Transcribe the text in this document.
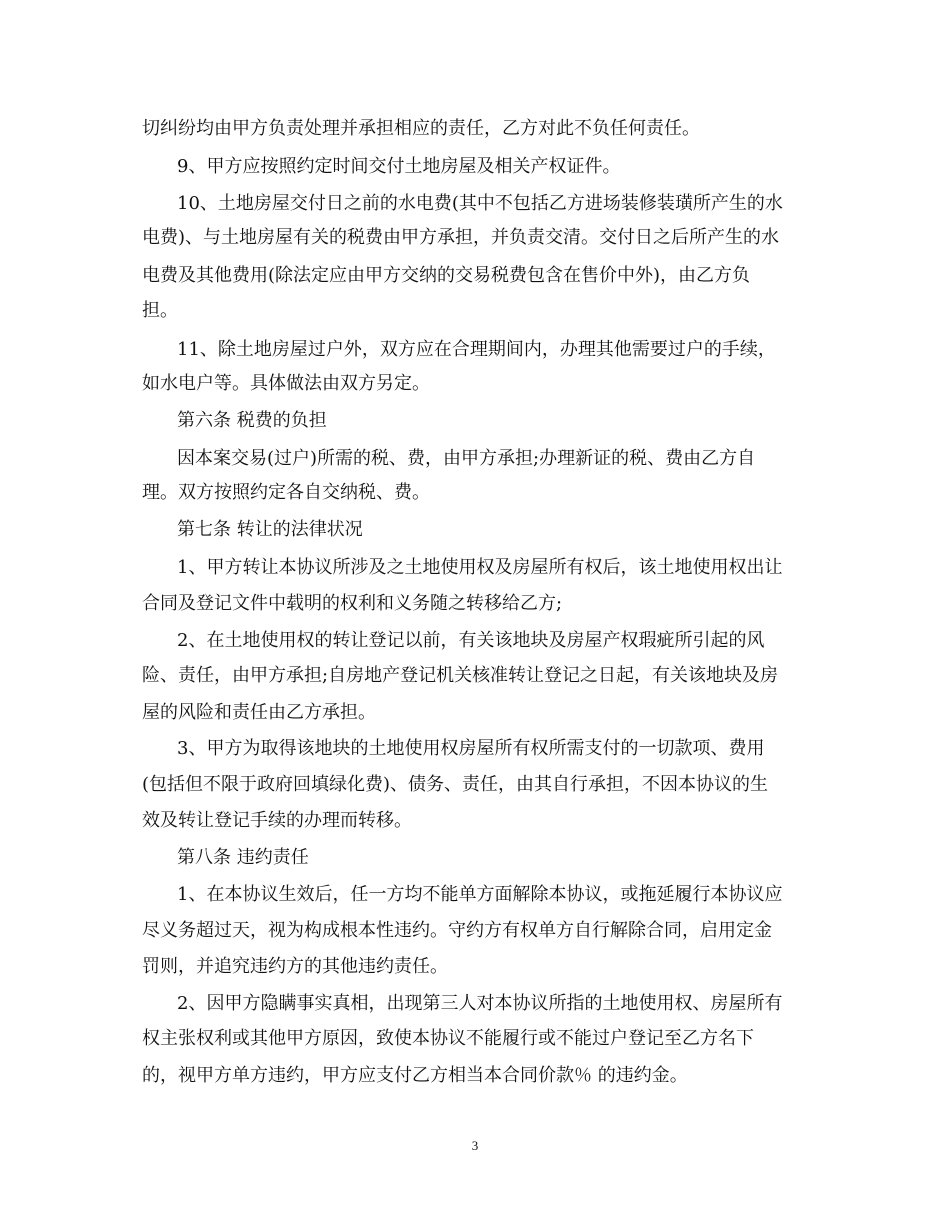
切纠纷均由甲方负责处理并承担相应的责任，乙方对此不负任何责任。
9、甲方应按照约定时间交付土地房屋及相关产权证件。
10、土地房屋交付日之前的水电费(其中不包括乙方进场装修装璜所产生的水
电费)、与土地房屋有关的税费由甲方承担，并负责交清。交付日之后所产生的水
电费及其他费用(除法定应由甲方交纳的交易税费包含在售价中外)，由乙方负
担。
11、除土地房屋过户外，双方应在合理期间内，办理其他需要过户的手续，
如水电户等。具体做法由双方另定。
第六条 税费的负担
因本案交易(过户)所需的税、费，由甲方承担;办理新证的税、费由乙方自
理。双方按照约定各自交纳税、费。
第七条 转让的法律状况
1、甲方转让本协议所涉及之土地使用权及房屋所有权后，该土地使用权出让
合同及登记文件中载明的权利和义务随之转移给乙方;
2、在土地使用权的转让登记以前，有关该地块及房屋产权瑕疵所引起的风
险、责任，由甲方承担;自房地产登记机关核准转让登记之日起，有关该地块及房
屋的风险和责任由乙方承担。
3、甲方为取得该地块的土地使用权房屋所有权所需支付的一切款项、费用
(包括但不限于政府回填绿化费)、债务、责任，由其自行承担，不因本协议的生
效及转让登记手续的办理而转移。
第八条 违约责任
1、在本协议生效后，任一方均不能单方面解除本协议，或拖延履行本协议应
尽义务超过天，视为构成根本性违约。守约方有权单方自行解除合同，启用定金
罚则，并追究违约方的其他违约责任。
2、因甲方隐瞒事实真相，出现第三人对本协议所指的土地使用权、房屋所有
权主张权利或其他甲方原因，致使本协议不能履行或不能过户登记至乙方名下
的，视甲方单方违约，甲方应支付乙方相当本合同价款％ 的违约金。
3
